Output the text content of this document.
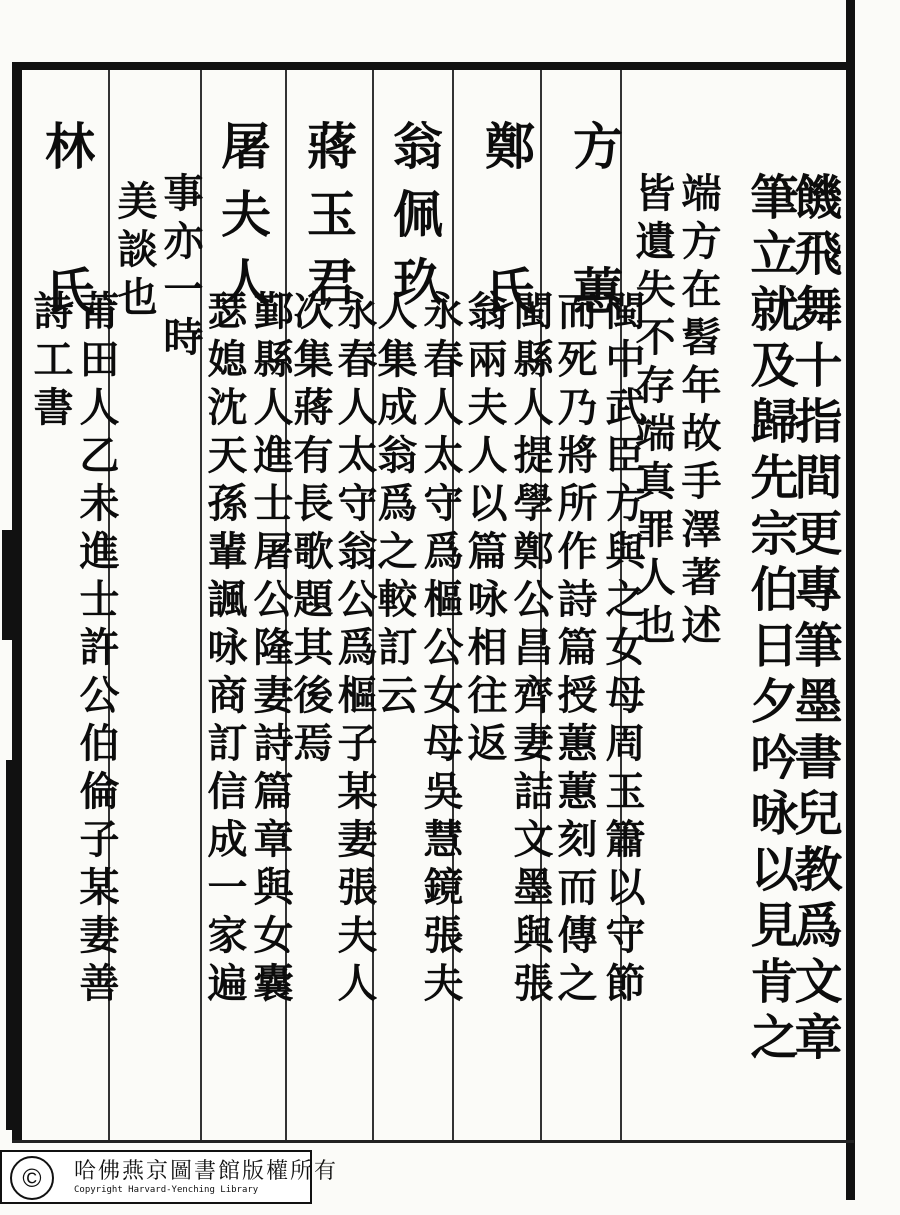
饑飛舞十指間更專筆墨書兒教爲文章
筆立就及歸先宗伯日夕吟咏以見肯之
端方在髫年故手澤著述
皆遺失不存端真罪人也
方 蕙
閩中武臣方與之女母周玉簫以守節
而死乃將所作詩篇授蕙蕙刻而傳之
鄭 氏
閩縣人提學鄭公昌齊妻詰文墨與張
翁兩夫人以篇咏相往返
翁佩玖
永春人太守爲樞公女母吳慧鏡張夫
人集成翁爲之較訂云
蔣玉君
永春人太守翁公爲樞子某妻張夫人
次集蔣有長歌題其後焉
屠夫人
鄞縣人進士屠公隆妻詩篇章與女囊
瑟媳沈天孫輩諷咏商訂信成一家遍
事亦一時
美談也
林 氏
莆田人乙未進士許公伯倫子某妻善
詩工書
©	哈佛燕京圖書館版權所有
Copyright Harvard-Yenching Library
